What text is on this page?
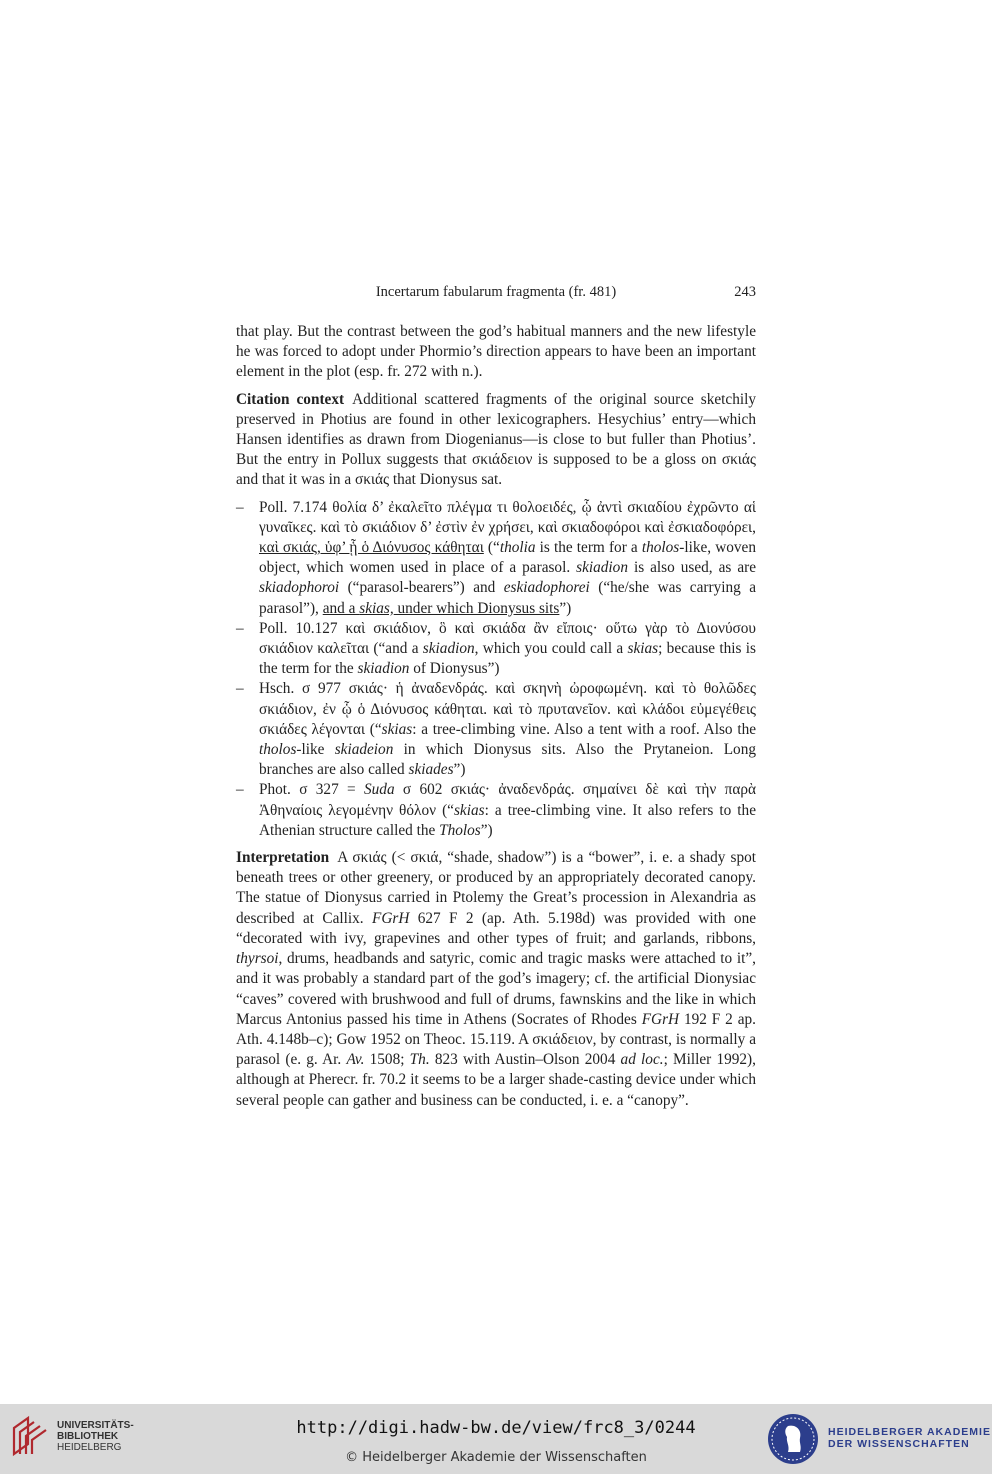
Incertarum fabularum fragmenta (fr. 481)	243

that play. But the contrast between the god’s habitual manners and the new lifestyle he was forced to adopt under Phormio’s direction appears to have been an important element in the plot (esp. fr. 272 with n.).

Citation context Additional scattered fragments of the original source sketchily preserved in Photius are found in other lexicographers. Hesychius’ entry—which Hansen identifies as drawn from Diogenianus—is close to but fuller than Photius’. But the entry in Pollux suggests that σκιάδειον is supposed to be a gloss on σκιάς and that it was in a σκιάς that Dionysus sat.

– Poll. 7.174 θολία δ’ ἐκαλεῖτο πλέγμα τι θολοειδές, ᾧ ἀντὶ σκιαδίου ἐχρῶντο αἱ γυναῖκες. καὶ τὸ σκιάδιον δ’ ἐστὶν ἐν χρήσει, καὶ σκιαδοφόροι καὶ ἐσκιαδοφόρει, καὶ σκιάς, ὑφ’ ᾗ ὁ Διόνυσος κάθηται (“tholia is the term for a tholos-like, woven object, which women used in place of a parasol. skiadion is also used, as are skiadophoroi (“parasol-bearers”) and eskiadophorei (“he/she was carrying a parasol”), and a skias, under which Dionysus sits”)
– Poll. 10.127 καὶ σκιάδιον, ὃ καὶ σκιάδα ἂν εἴποις· οὕτω γὰρ τὸ Διονύσου σκιάδιον καλεῖται (“and a skiadion, which you could call a skias; because this is the term for the skiadion of Dionysus”)
– Hsch. σ 977 σκιάς· ἡ ἀναδενδράς. καὶ σκηνὴ ὠροφωμένη. καὶ τὸ θολῶδες σκιάδιον, ἐν ᾧ ὁ Διόνυσος κάθηται. καὶ τὸ πρυτανεῖον. καὶ κλάδοι εὐμεγέθεις σκιάδες λέγονται (“skias: a tree-climbing vine. Also a tent with a roof. Also the tholos-like skiadeion in which Dionysus sits. Also the Prytaneion. Long branches are also called skiades”)
– Phot. σ 327 = Suda σ 602 σκιάς· ἀναδενδράς. σημαίνει δὲ καὶ τὴν παρὰ Ἀθηναίοις λεγομένην θόλον (“skias: a tree-climbing vine. It also refers to the Athenian structure called the Tholos”)

Interpretation A σκιάς (< σκιά, “shade, shadow”) is a “bower”, i. e. a shady spot beneath trees or other greenery, or produced by an appropriately decorated canopy. The statue of Dionysus carried in Ptolemy the Great’s procession in Alexandria as described at Callix. FGrH 627 F 2 (ap. Ath. 5.198d) was provided with one “decorated with ivy, grapevines and other types of fruit; and garlands, ribbons, thyrsoi, drums, headbands and satyric, comic and tragic masks were attached to it”, and it was probably a standard part of the god’s imagery; cf. the artificial Dionysiac “caves” covered with brushwood and full of drums, fawnskins and the like in which Marcus Antonius passed his time in Athens (Socrates of Rhodes FGrH 192 F 2 ap. Ath. 4.148b–c); Gow 1952 on Theoc. 15.119. A σκιάδειον, by contrast, is normally a parasol (e. g. Ar. Av. 1508; Th. 823 with Austin–Olson 2004 ad loc.; Miller 1992), although at Pherecr. fr. 70.2 it seems to be a larger shade-casting device under which several people can gather and business can be conducted, i. e. a “canopy”.

UNIVERSITÄTS-
BIBLIOTHEK
HEIDELBERG
http://digi.hadw-bw.de/view/frc8_3/0244
© Heidelberger Akademie der Wissenschaften
HEIDELBERGER AKADEMIE
DER WISSENSCHAFTEN
